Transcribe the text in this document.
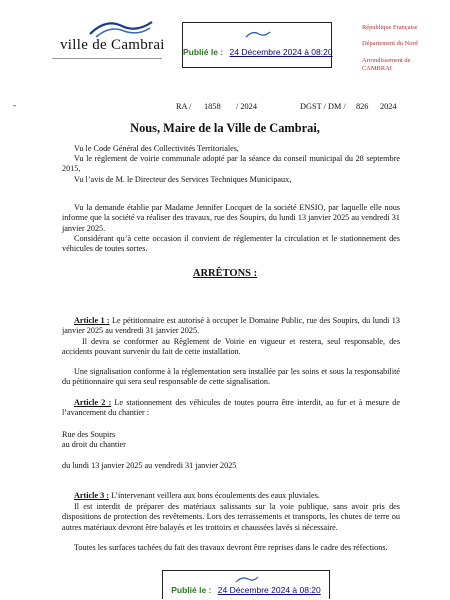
ville de Cambrai Publié le : 24 Décembre 2024 à 08:20
République Française
Département du Nord
Arrondissement de CAMBRAI
-	RA / 1858 / 2024	DGST / DM / 826 2024
Nous, Maire de la Ville de Cambrai,
Vu le Code Général des Collectivités Territoriales,
Vu le règlement de voirie communale adopté par la séance du conseil municipal du 28 septembre 2015,
Vu l’avis de M. le Directeur des Services Techniques Municipaux,
Vu la demande établie par Madame Jennifer Locquet de la société ENSIO, par laquelle elle nous informe que la société va réaliser des travaux, rue des Soupirs, du lundi 13 janvier 2025 au vendredi 31 janvier 2025.
Considérant qu’à cette occasion il convient de réglementer la circulation et le stationnement des véhicules de toutes sortes.
ARRÊTONS :
Article 1 : Le pétitionnaire est autorisé à occuper le Domaine Public, rue des Soupirs, du lundi 13 janvier 2025 au vendredi 31 janvier 2025.
Il devra se conformer au Règlement de Voirie en vigueur et restera, seul responsable, des accidents pouvant survenir du fait de cette installation.
Une signalisation conforme à la réglementation sera installée par les soins et sous la responsabilité du pétitionnaire qui sera seul responsable de cette signalisation.
Article 2 : Le stationnement des véhicules de toutes pourra être interdit, au fur et à mesure de l’avancement du chantier :
Rue des Soupirs
au droit du chantier
du lundi 13 janvier 2025 au vendredi 31 janvier 2025
Article 3 : L’intervenant veillera aux bons écoulements des eaux pluviales.
Il est interdit de préparer des matériaux salissants sur la voie publique, sans avoir pris des dispositions de protection des revêtements. Lors des terrassements et transports, les chutes de terre ou autres matériaux devront être balayés et les trottoirs et chaussées lavés si nécessaire.
Toutes les surfaces tachées du fait des travaux devront être reprises dans le cadre des réfections.
Publié le : 24 Décembre 2024 à 08:20
